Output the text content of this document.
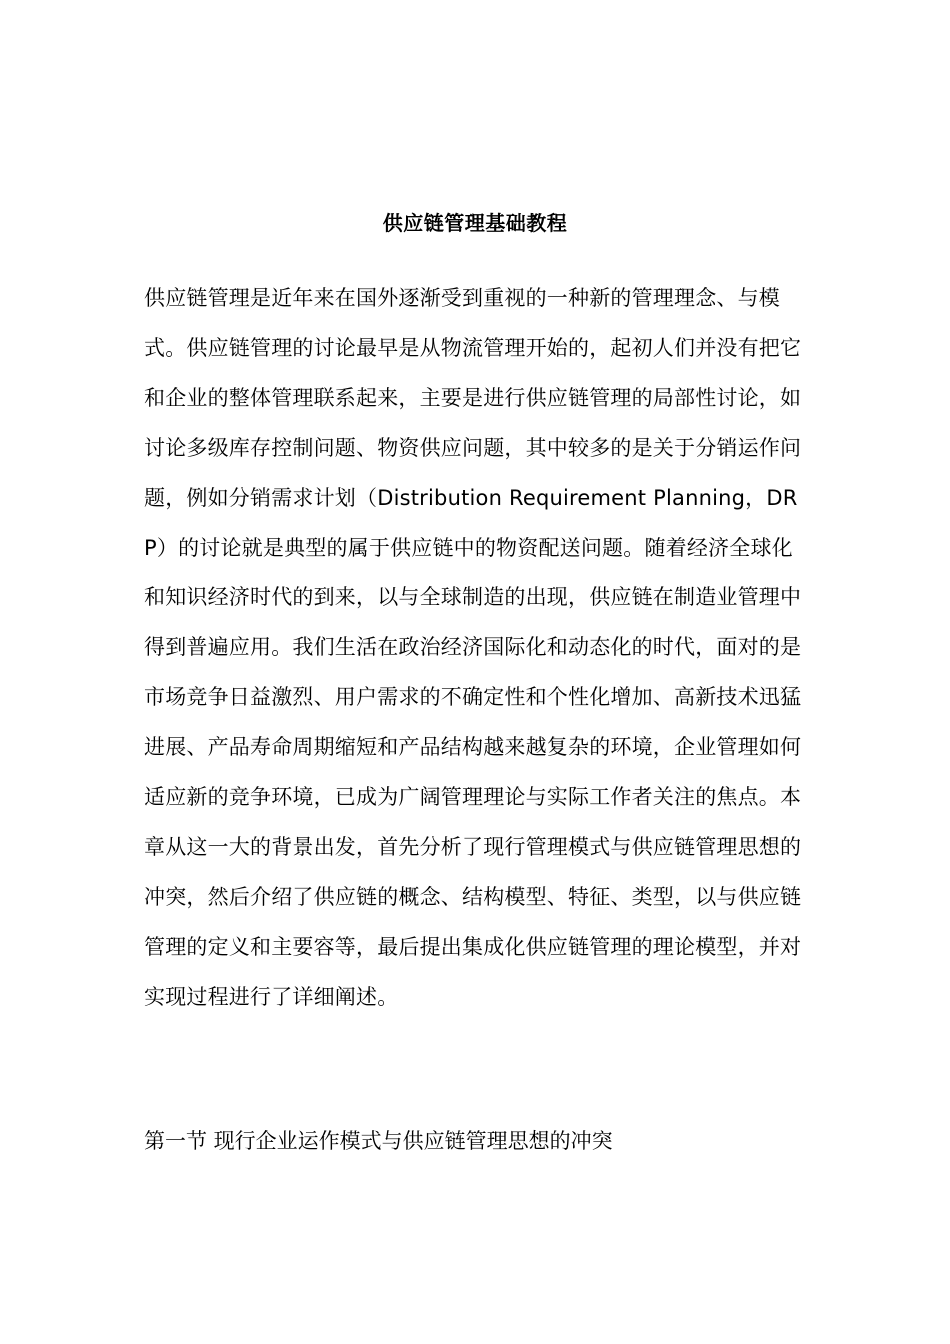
供应链管理基础教程
供应链管理是近年来在国外逐渐受到重视的一种新的管理理念、与模式。供应链管理的讨论最早是从物流管理开始的，起初人们并没有把它和企业的整体管理联系起来，主要是进行供应链管理的局部性讨论，如讨论多级库存控制问题、物资供应问题，其中较多的是关于分销运作问题，例如分销需求计划（Distribution Requirement Planning，DRP）的讨论就是典型的属于供应链中的物资配送问题。随着经济全球化和知识经济时代的到来，以与全球制造的出现，供应链在制造业管理中得到普遍应用。我们生活在政治经济国际化和动态化的时代，面对的是市场竞争日益激烈、用户需求的不确定性和个性化增加、高新技术迅猛进展、产品寿命周期缩短和产品结构越来越复杂的环境，企业管理如何适应新的竞争环境，已成为广阔管理理论与实际工作者关注的焦点。本章从这一大的背景出发，首先分析了现行管理模式与供应链管理思想的冲突，然后介绍了供应链的概念、结构模型、特征、类型，以与供应链管理的定义和主要容等，最后提出集成化供应链管理的理论模型，并对实现过程进行了详细阐述。
第一节 现行企业运作模式与供应链管理思想的冲突
